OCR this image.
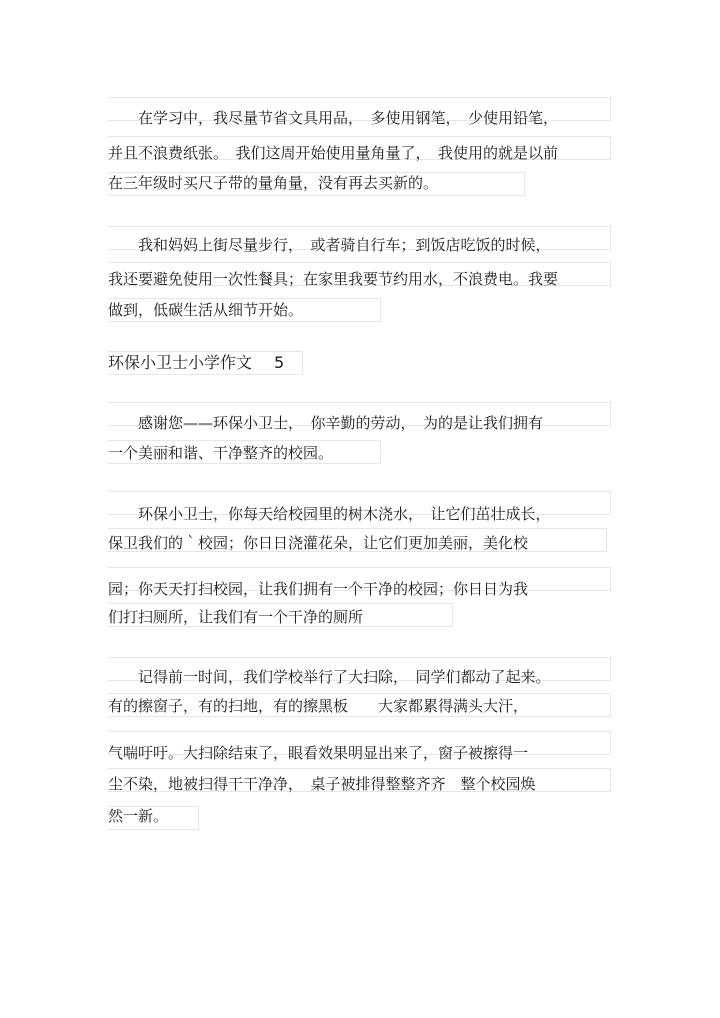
　　在学习中，我尽量节省文具用品，　多使用钢笔，　少使用铅笔，
并且不浪费纸张。　我们这周开始使用量角量了，　我使用的就是以前
在三年级时买尺子带的量角量，没有再去买新的。
　　我和妈妈上街尽量步行，　或者骑自行车；到饭店吃饭的时候，
我还要避免使用一次性餐具；在家里我要节约用水，不浪费电。我要
做到，低碳生活从细节开始。
环保小卫士小学作文 5
　　感谢您——环保小卫士，　你辛勤的劳动，　为的是让我们拥有
一个美丽和谐、干净整齐的校园。
　　环保小卫士，你每天给校园里的树木浇水，　让它们茁壮成长，
保卫我们的｀校园；你日日浇灌花朵，让它们更加美丽，美化校
园；你天天打扫校园，让我们拥有一个干净的校园；你日日为我
们打扫厕所，让我们有一个干净的厕所
　　记得前一时间，我们学校举行了大扫除，　同学们都动了起来。
有的擦窗子，有的扫地，有的擦黑板　　大家都累得满头大汗，
气喘吁吁。大扫除结束了，眼看效果明显出来了，窗子被擦得一
尘不染，地被扫得干干净净，　桌子被排得整整齐齐　整个校园焕
然一新。
